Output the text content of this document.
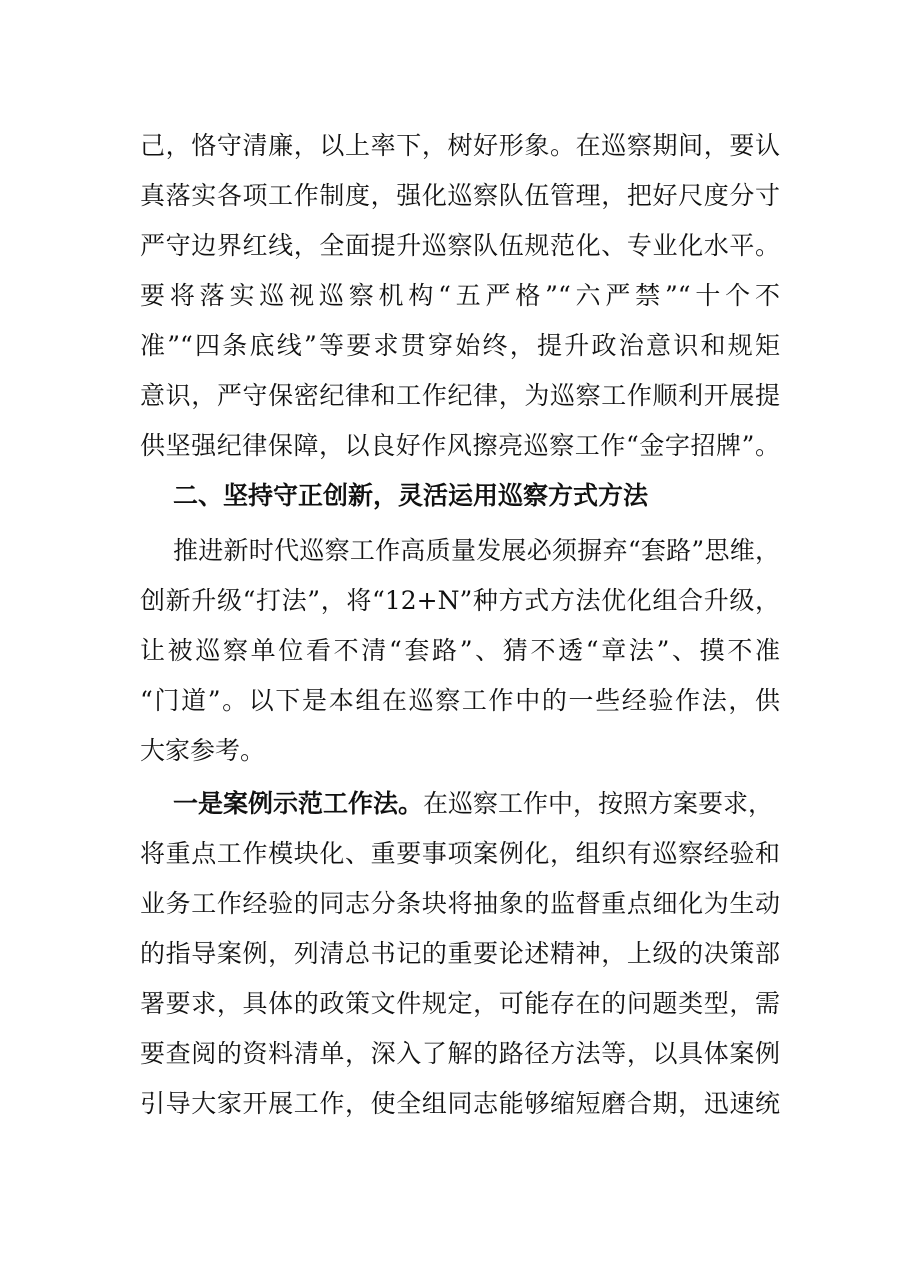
己，恪守清廉，以上率下，树好形象。在巡察期间，要认
真落实各项工作制度，强化巡察队伍管理，把好尺度分寸
严守边界红线，全面提升巡察队伍规范化、专业化水平。
要将落实巡视巡察机构“五严格”“六严禁”“十个不
准”“四条底线”等要求贯穿始终，提升政治意识和规矩
意识，严守保密纪律和工作纪律，为巡察工作顺利开展提
供坚强纪律保障，以良好作风擦亮巡察工作“金字招牌”。
二、坚持守正创新，灵活运用巡察方式方法
推进新时代巡察工作高质量发展必须摒弃“套路”思维，
创新升级“打法”，将“12+N”种方式方法优化组合升级，
让被巡察单位看不清“套路”、猜不透“章法”、摸不准
“门道”。以下是本组在巡察工作中的一些经验作法，供
大家参考。
一是案例示范工作法。在巡察工作中，按照方案要求，
将重点工作模块化、重要事项案例化，组织有巡察经验和
业务工作经验的同志分条块将抽象的监督重点细化为生动
的指导案例，列清总书记的重要论述精神，上级的决策部
署要求，具体的政策文件规定，可能存在的问题类型，需
要查阅的资料清单，深入了解的路径方法等，以具体案例
引导大家开展工作，使全组同志能够缩短磨合期，迅速统
